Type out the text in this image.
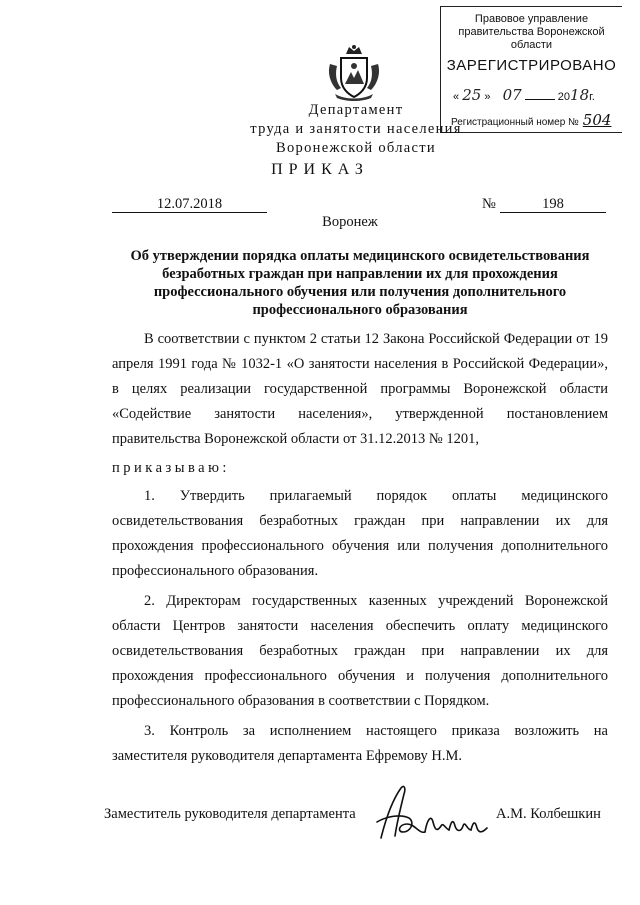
Правовое управление правительства Воронежской области
ЗАРЕГИСТРИРОВАНО
« 25 »  07	2018г.
Регистрационный номер № 504
Департамент
труда и занятости населения
Воронежской области
ПРИКАЗ
12.07.2018	№	198
Воронеж
Об утверждении порядка оплаты медицинского освидетельствования безработных граждан при направлении их для прохождения профессионального обучения или получения дополнительного профессионального образования
В соответствии с пунктом 2 статьи 12 Закона Российской Федерации от 19 апреля 1991 года № 1032-1 «О занятости населения в Российской Федерации», в целях реализации государственной программы Воронежской области «Содействие занятости населения», утвержденной постановлением правительства Воронежской области от 31.12.2013 № 1201,
приказываю:
1. Утвердить прилагаемый порядок оплаты медицинского освидетельствования безработных граждан при направлении их для прохождения профессионального обучения или получения дополнительного профессионального образования.
2. Директорам государственных казенных учреждений Воронежской области Центров занятости населения обеспечить оплату медицинского освидетельствования безработных граждан при направлении их для прохождения профессионального обучения и получения дополнительного профессионального образования в соответствии с Порядком.
3. Контроль за исполнением настоящего приказа возложить на заместителя руководителя департамента Ефремову Н.М.
Заместитель руководителя департамента	А.М. Колбешкин
